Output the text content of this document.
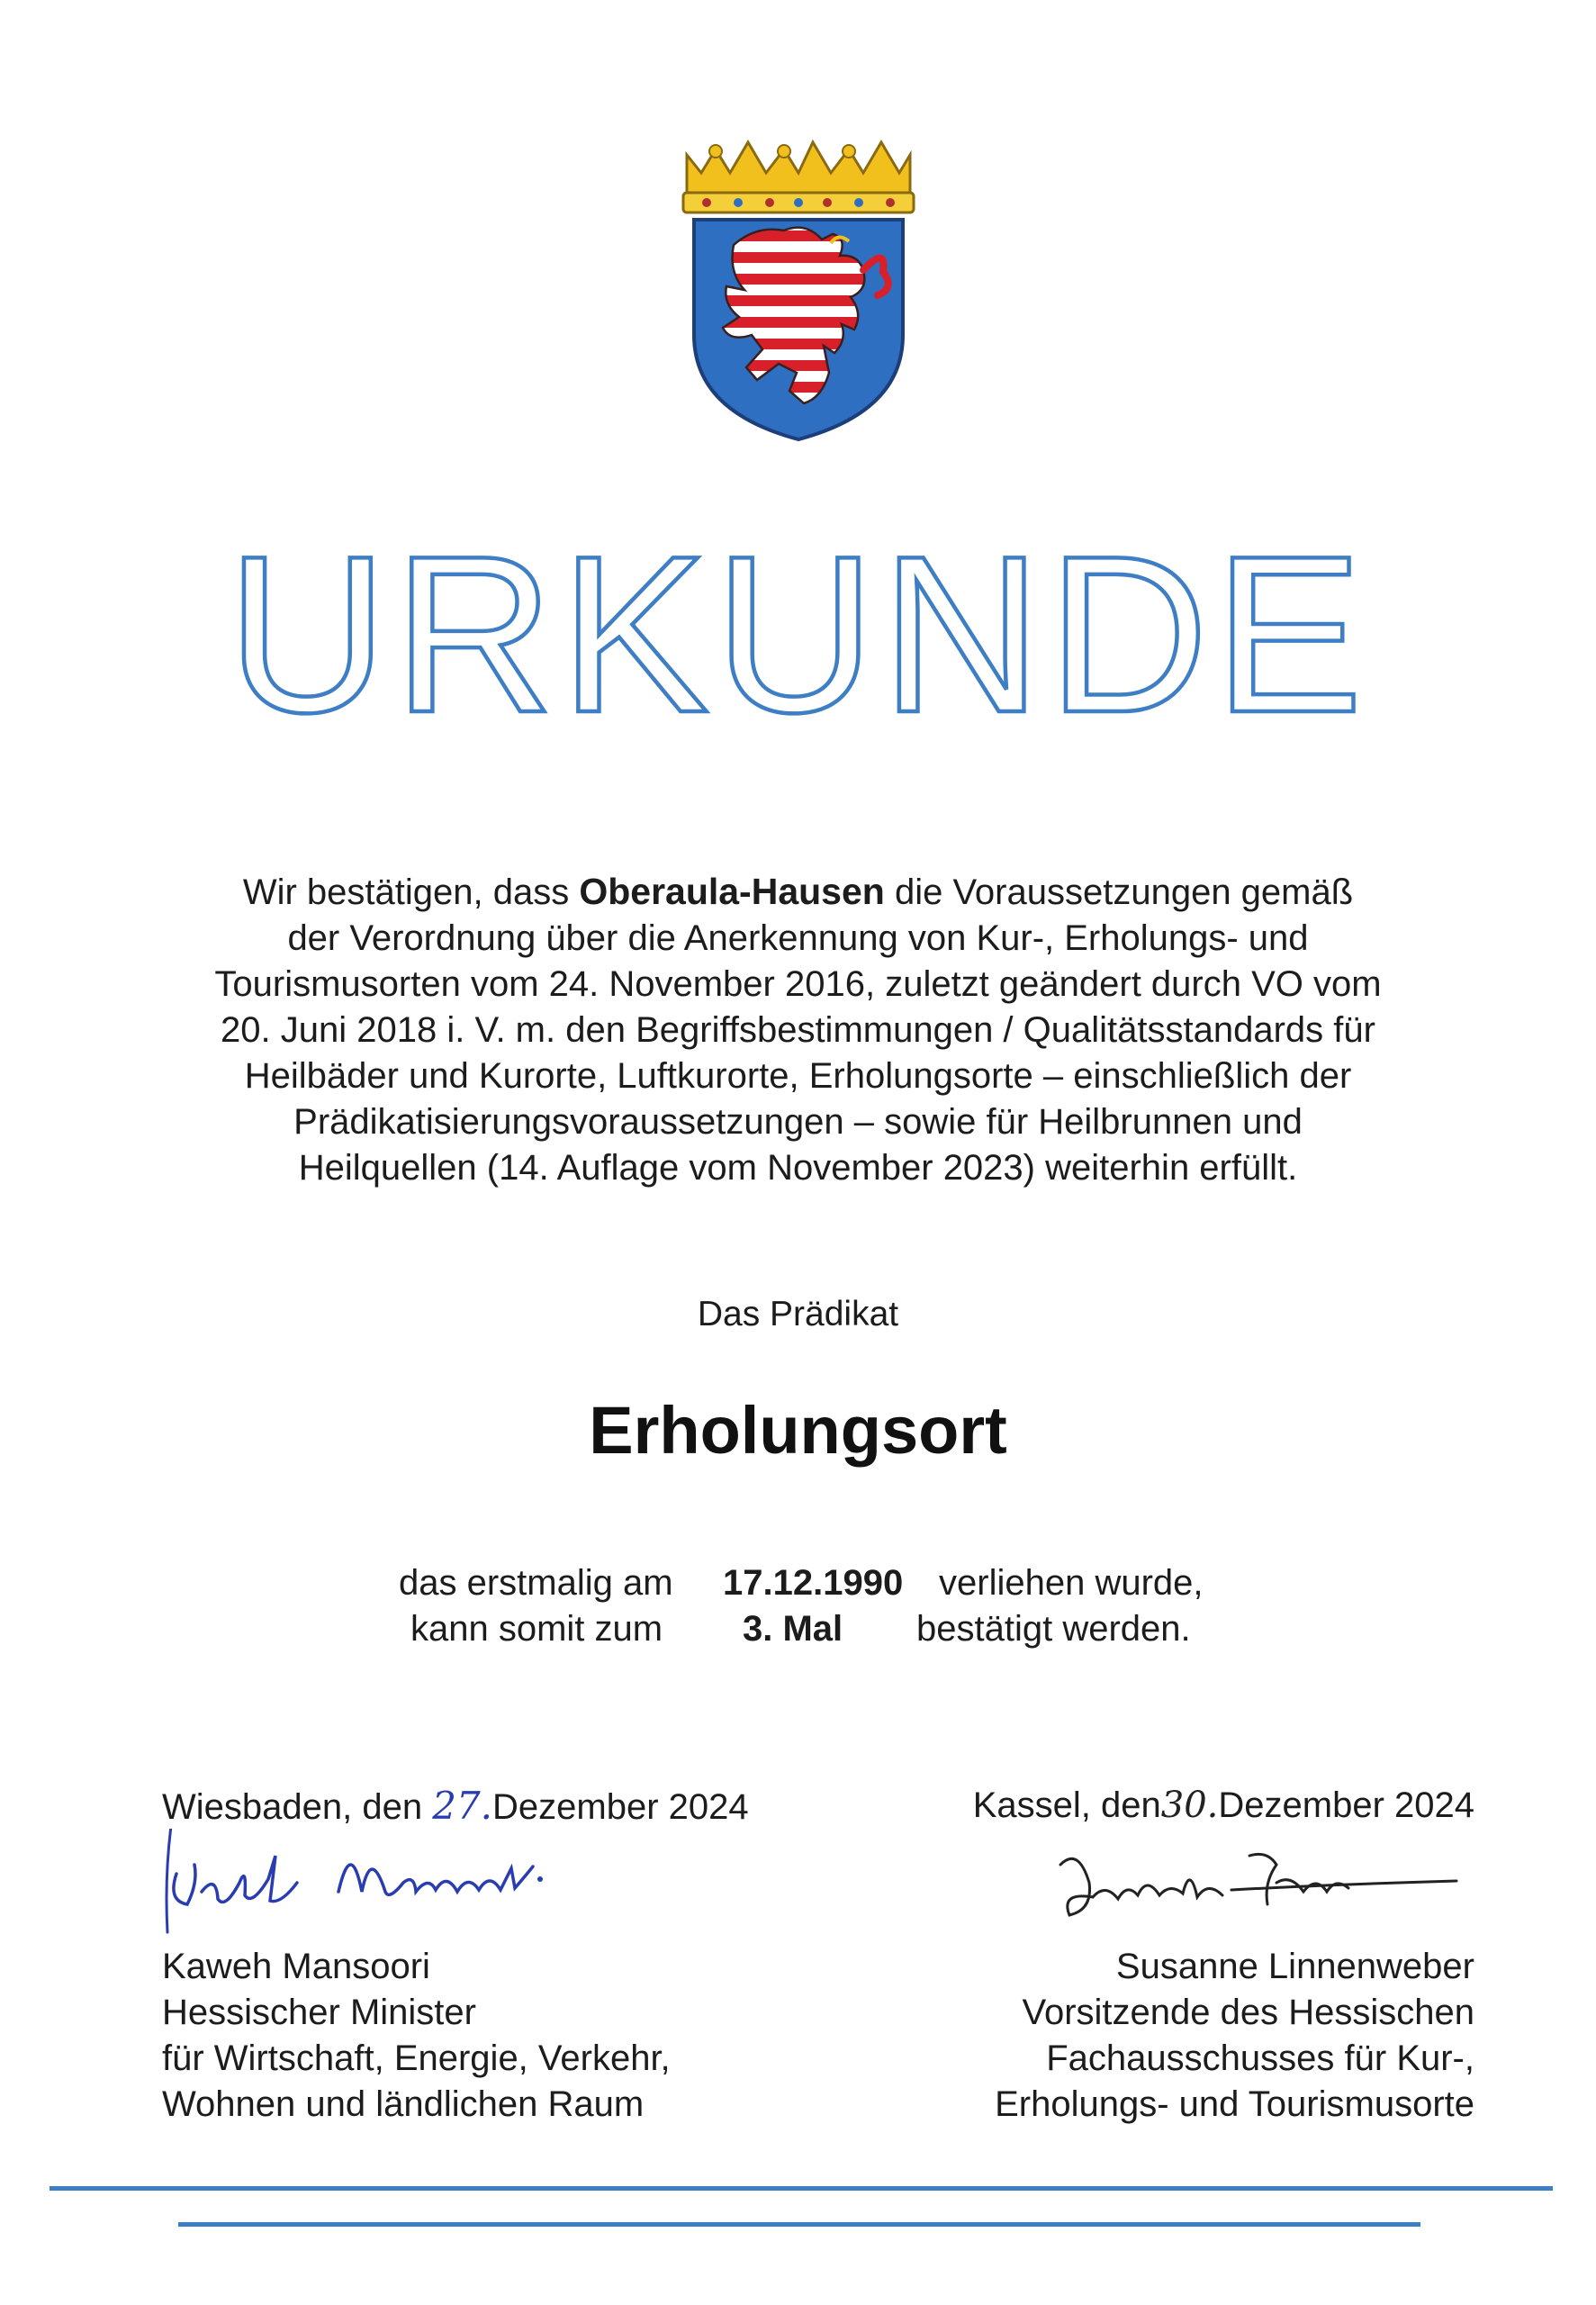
URKUNDE
Wir bestätigen, dass Oberaula-Hausen die Voraussetzungen gemäß
der Verordnung über die Anerkennung von Kur-, Erholungs- und
Tourismusorten vom 24. November 2016, zuletzt geändert durch VO vom
20. Juni 2018 i. V. m. den Begriffsbestimmungen / Qualitätsstandards für
Heilbäder und Kurorte, Luftkurorte, Erholungsorte – einschließlich der
Prädikatisierungsvoraussetzungen – sowie für Heilbrunnen und
Heilquellen (14. Auflage vom November 2023) weiterhin erfüllt.
Das Prädikat
Erholungsort
das erstmalig am 17.12.1990 verliehen wurde,
kann somit zum 3. Mal bestätigt werden.
Wiesbaden, den 27.Dezember 2024
Kaweh Mansoori
Hessischer Minister
für Wirtschaft, Energie, Verkehr,
Wohnen und ländlichen Raum
Kassel, den30.Dezember 2024
Susanne Linnenweber
Vorsitzende des Hessischen
Fachausschusses für Kur-,
Erholungs- und Tourismusorte
